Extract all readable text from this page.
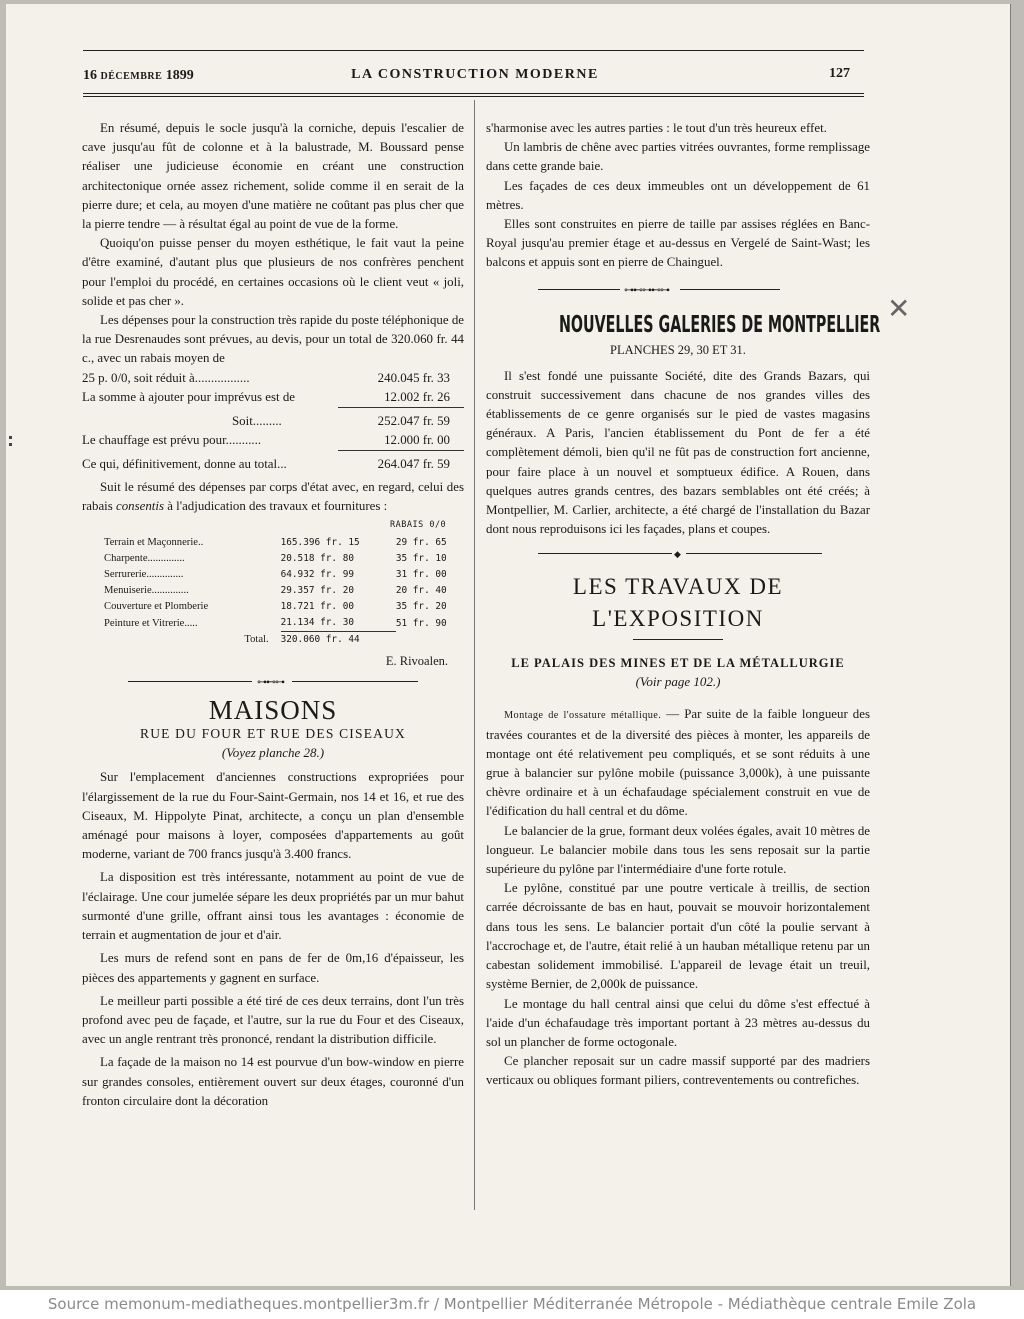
16 DÉCEMBRE 1899	LA CONSTRUCTION MODERNE	127

En résumé, depuis le socle jusqu'à la corniche, depuis l'escalier de cave jusqu'au fût de colonne et à la balustrade, M. Boussard pense réaliser une judicieuse économie en créant une construction architectonique ornée assez richement, solide comme il en serait de la pierre dure; et cela, au moyen d'une matière ne coûtant pas plus cher que la pierre tendre — à résultat égal au point de vue de la forme.

Quoiqu'on puisse penser du moyen esthétique, le fait vaut la peine d'être examiné, d'autant plus que plusieurs de nos confrères penchent pour l'emploi du procédé, en certaines occasions où le client veut « joli, solide et pas cher ».

Les dépenses pour la construction très rapide du poste téléphonique de la rue Desrenaudes sont prévues, au devis, pour un total de 320.060 fr. 44 c., avec un rabais moyen de

25 p. 0/0, soit réduit à.................	240.045 fr. 33
La somme à ajouter pour imprévus est de	12.002 fr. 26
Soit.........	252.047 fr. 59
Le chauffage est prévu pour...........	12.000 fr. 00
Ce qui, définitivement, donne au total...	264.047 fr. 59

Suit le résumé des dépenses par corps d'état avec, en regard, celui des rabais consentis à l'adjudication des travaux et fournitures :

RABAIS 0/0
Terrain et Maçonnerie..	165.396 fr. 15	29 fr. 65
Charpente..............	20.518 fr. 80	35 fr. 10
Serrurerie..............	64.932 fr. 99	31 fr. 00
Menuiserie..............	29.357 fr. 20	20 fr. 40
Couverture et Plomberie	18.721 fr. 00	35 fr. 20
Peinture et Vitrerie.....	21.134 fr. 30	51 fr. 90
Total.	320.060 fr. 44	
E. Rivoalen.
⊶⊷⊶
MAISONS
RUE DU FOUR ET RUE DES CISEAUX
(Voyez planche 28.)

Sur l'emplacement d'anciennes constructions expropriées pour l'élargissement de la rue du Four-Saint-Germain, nos 14 et 16, et rue des Ciseaux, M. Hippolyte Pinat, architecte, a conçu un plan d'ensemble aménagé pour maisons à loyer, composées d'appartements au goût moderne, variant de 700 francs jusqu'à 3.400 francs.

La disposition est très intéressante, notamment au point de vue de l'éclairage. Une cour jumelée sépare les deux propriétés par un mur bahut surmonté d'une grille, offrant ainsi tous les avantages : économie de terrain et augmentation de jour et d'air.

Les murs de refend sont en pans de fer de 0m,16 d'épaisseur, les pièces des appartements y gagnent en surface.

Le meilleur parti possible a été tiré de ces deux terrains, dont l'un très profond avec peu de façade, et l'autre, sur la rue du Four et des Ciseaux, avec un angle rentrant très prononcé, rendant la distribution difficile.

La façade de la maison no 14 est pourvue d'un bow-window en pierre sur grandes consoles, entièrement ouvert sur deux étages, couronné d'un fronton circulaire dont la décoration

s'harmonise avec les autres parties : le tout d'un très heureux effet.

Un lambris de chêne avec parties vitrées ouvrantes, forme remplissage dans cette grande baie.

Les façades de ces deux immeubles ont un développement de 61 mètres.

Elles sont construites en pierre de taille par assises réglées en Banc-Royal jusqu'au premier étage et au-dessus en Vergelé de Saint-Wast; les balcons et appuis sont en pierre de Chainguel.

⊶⊷⊶⊷⊶
NOUVELLES GALERIES DE MONTPELLIER
PLANCHES 29, 30 ET 31.

Il s'est fondé une puissante Société, dite des Grands Bazars, qui construit successivement dans chacune de nos grandes villes des établissements de ce genre organisés sur le pied de vastes magasins généraux. A Paris, l'ancien établissement du Pont de fer a été complètement démoli, bien qu'il ne fût pas de construction fort ancienne, pour faire place à un nouvel et somptueux édifice. A Rouen, dans quelques autres grands centres, des bazars semblables ont été créés; à Montpellier, M. Carlier, architecte, a été chargé de l'installation du Bazar dont nous reproduisons ici les façades, plans et coupes.

◆
LES TRAVAUX DE L'EXPOSITION
LE PALAIS DES MINES ET DE LA MÉTALLURGIE
(Voir page 102.)

Montage de l'ossature métallique. — Par suite de la faible longueur des travées courantes et de la diversité des pièces à monter, les appareils de montage ont été relativement peu compliqués, et se sont réduits à une grue à balancier sur pylône mobile (puissance 3,000k), à une puissante chèvre ordinaire et à un échafaudage spécialement construit en vue de l'édification du hall central et du dôme.

Le balancier de la grue, formant deux volées égales, avait 10 mètres de longueur. Le balancier mobile dans tous les sens reposait sur la partie supérieure du pylône par l'intermédiaire d'une forte rotule.

Le pylône, constitué par une poutre verticale à treillis, de section carrée décroissante de bas en haut, pouvait se mouvoir horizontalement dans tous les sens. Le balancier portait d'un côté la poulie servant à l'accrochage et, de l'autre, était relié à un hauban métallique retenu par un cabestan solidement immobilisé. L'appareil de levage était un treuil, système Bernier, de 2,000k de puissance.

Le montage du hall central ainsi que celui du dôme s'est effectué à l'aide d'un échafaudage très important portant à 23 mètres au-dessus du sol un plancher de forme octogonale.

Ce plancher reposait sur un cadre massif supporté par des madriers verticaux ou obliques formant piliers, contreventements ou contrefiches.

✕
Source memonum-mediatheques.montpellier3m.fr / Montpellier Méditerranée Métropole - Médiathèque centrale Emile Zola
